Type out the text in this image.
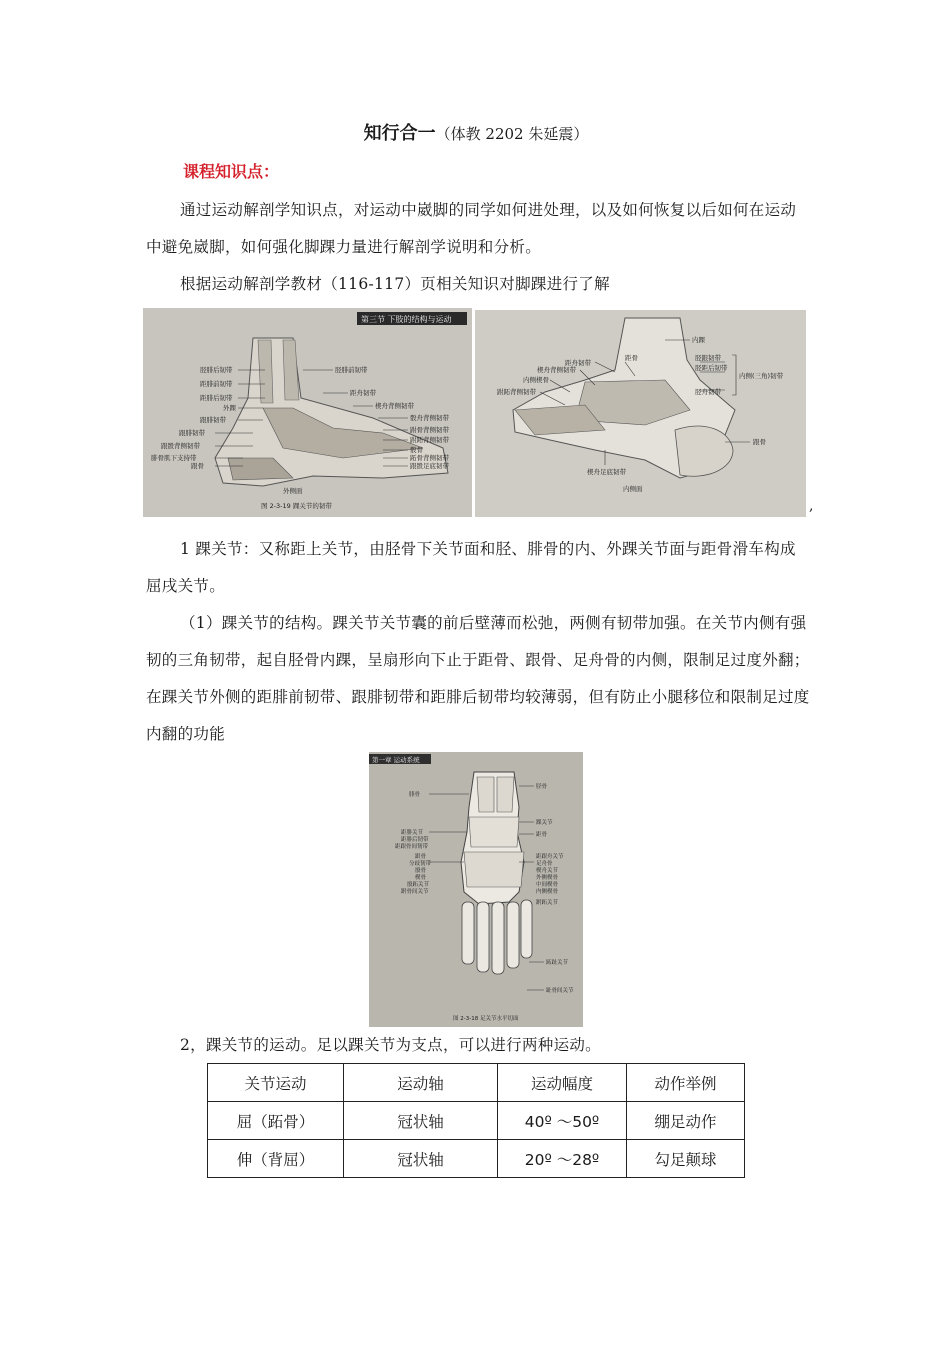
知行合一（体教 2202 朱延震）
课程知识点：
通过运动解剖学知识点，对运动中崴脚的同学如何进处理，以及如何恢复以后如何在运动中避免崴脚，如何强化脚踝力量进行解剖学说明和分析。
根据运动解剖学教材（116-117）页相关知识对脚踝进行了解
第三节 下肢的结构与运动
胫腓后韧带
距腓前韧带
距腓后韧带
外踝
跟腓韧带
跟腓韧带
跟骰背侧韧带
腓骨肌下支持带
跟骨
胫腓前韧带
距舟韧带
楔舟背侧韧带
骰舟背侧韧带
跗骨背侧韧带
跗跖背侧韧带
骰骨
跖骨背侧韧带
跟骰足底韧带
外侧面
图 2-3-19 踝关节的韧带
内踝
距舟韧带
距骨
楔舟背侧韧带
内侧楔骨
跗跖背侧韧带
胫跟韧带
胫距后韧带
内侧(三角)韧带
胫舟韧带
跟骨
楔舟足底韧带
内侧面
,
1 踝关节：又称距上关节，由胫骨下关节面和胫、腓骨的内、外踝关节面与距骨滑车构成屈戌关节。
（1）踝关节的结构。踝关节关节囊的前后壁薄而松弛，两侧有韧带加强。在关节内侧有强韧的三角韧带，起自胫骨内踝，呈扇形向下止于距骨、跟骨、足舟骨的内侧，限制足过度外翻；在踝关节外侧的距腓前韧带、跟腓韧带和距腓后韧带均较薄弱，但有防止小腿移位和限制足过度内翻的功能
第一章 运动系统
腓骨
距腓关节
距腓后韧带
距跟骨间韧带
跟骨
分歧韧带
骰骨
楔骨
骰跖关节
跗骨间关节
胫骨
踝关节
距骨
距跟舟关节
足舟骨
楔舟关节
外侧楔骨
中间楔骨
内侧楔骨
跗跖关节
跖趾关节
趾骨间关节
图 2-3-18 足关节水平切面
2，踝关节的运动。足以踝关节为支点，可以进行两种运动。
关节运动	运动轴	运动幅度	动作举例
屈（跖骨）	冠状轴	40º ～50º	绷足动作
伸（背屈）	冠状轴	20º ～28º	勾足颠球
